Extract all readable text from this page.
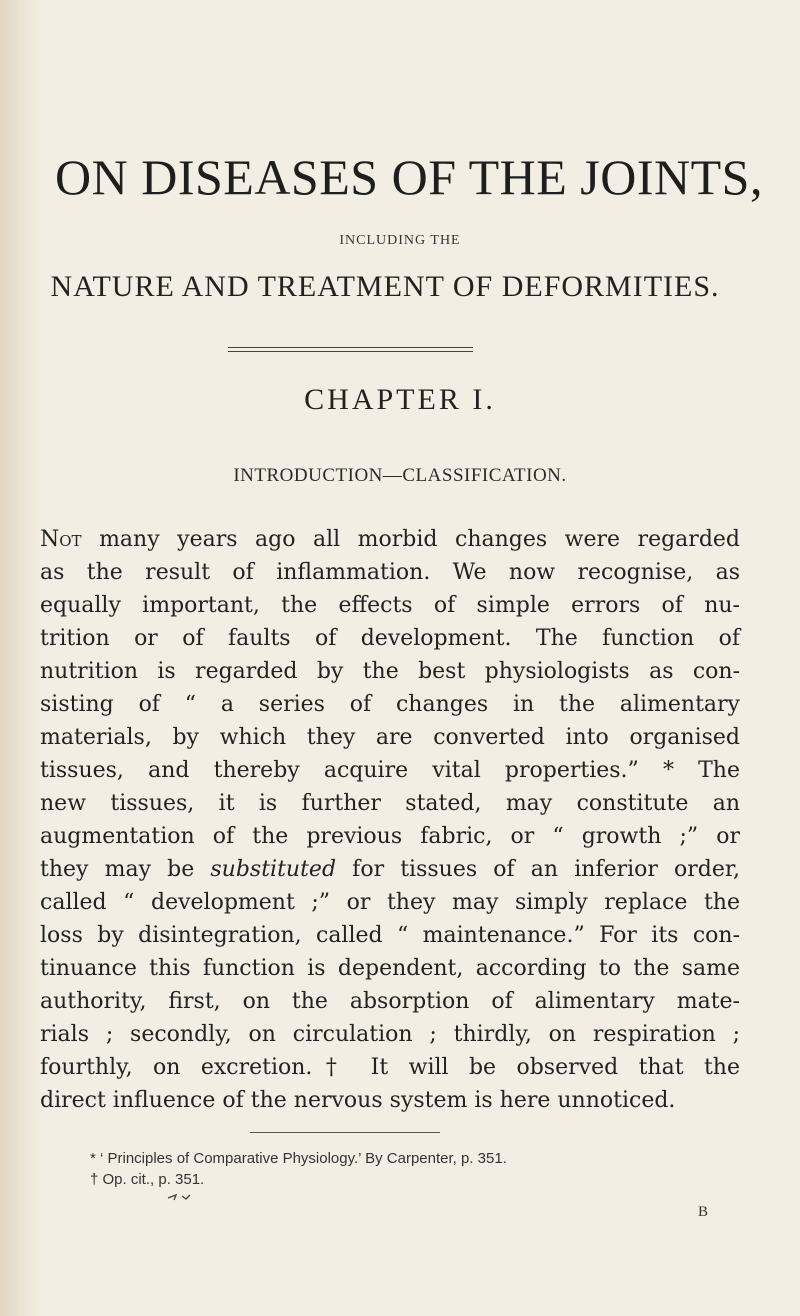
ON DISEASES OF THE JOINTS,
INCLUDING THE
NATURE AND TREATMENT OF DEFORMITIES.
CHAPTER I.
INTRODUCTION—CLASSIFICATION.
Not many years ago all morbid changes were regarded
as the result of inflammation. We now recognise, as
equally important, the effects of simple errors of nu-
trition or of faults of development. The function of
nutrition is regarded by the best physiologists as con-
sisting of “ a series of changes in the alimentary
materials, by which they are converted into organised
tissues, and thereby acquire vital properties.” * The
new tissues, it is further stated, may constitute an
augmentation of the previous fabric, or “ growth ;” or
they may be substituted for tissues of an inferior order,
called “ development ;” or they may simply replace the
loss by disintegration, called “ maintenance.” For its con-
tinuance this function is dependent, according to the same
authority, first, on the absorption of alimentary mate-
rials ; secondly, on circulation ; thirdly, on respiration ;
fourthly, on excretion.† It will be observed that the
direct influence of the nervous system is here unnoticed.
* ‘ Principles of Comparative Physiology.’ By Carpenter, p. 351.
† Op. cit., p. 351.
B
